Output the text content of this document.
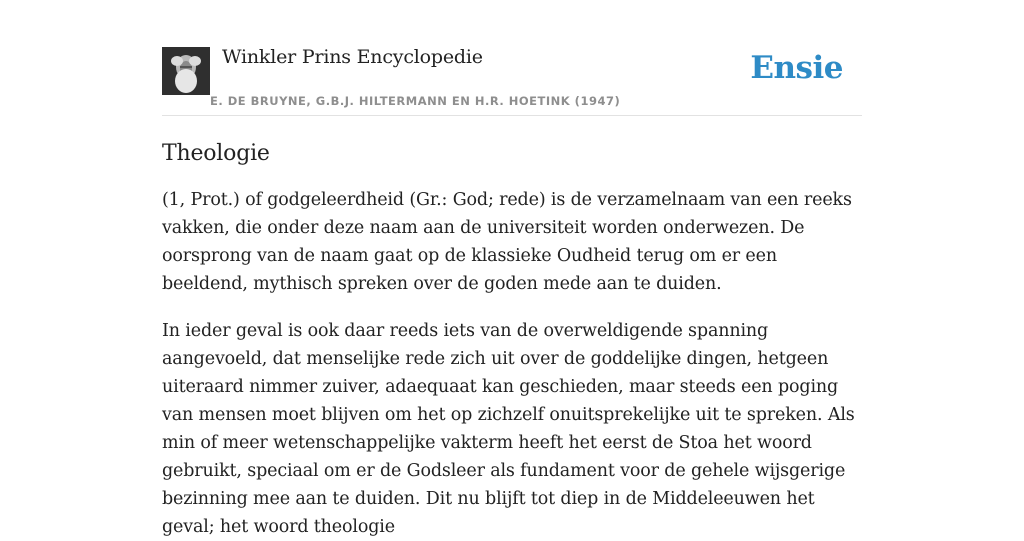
Winkler Prins Encyclopedie
E. DE BRUYNE, G.B.J. HILTERMANN EN H.R. HOETINK (1947)
Ensie
Theologie

(1, Prot.) of godgeleerdheid (Gr.: God; rede) is de verzamelnaam van een reeks vakken, die onder deze naam aan de universiteit worden onderwezen. De oorsprong van de naam gaat op de klassieke Oudheid terug om er een beeldend, mythisch spreken over de goden mede aan te duiden.

In ieder geval is ook daar reeds iets van de overweldigende spanning aangevoeld, dat menselijke rede zich uit over de goddelijke dingen, hetgeen uiteraard nimmer zuiver, adaequaat kan geschieden, maar steeds een poging van mensen moet blijven om het op zichzelf onuitsprekelijke uit te spreken. Als min of meer wetenschappelijke vakterm heeft het eerst de Stoa het woord gebruikt, speciaal om er de Godsleer als fundament voor de gehele wijsgerige bezinning mee aan te duiden. Dit nu blijft tot diep in de Middeleeuwen het geval; het woord theologie
